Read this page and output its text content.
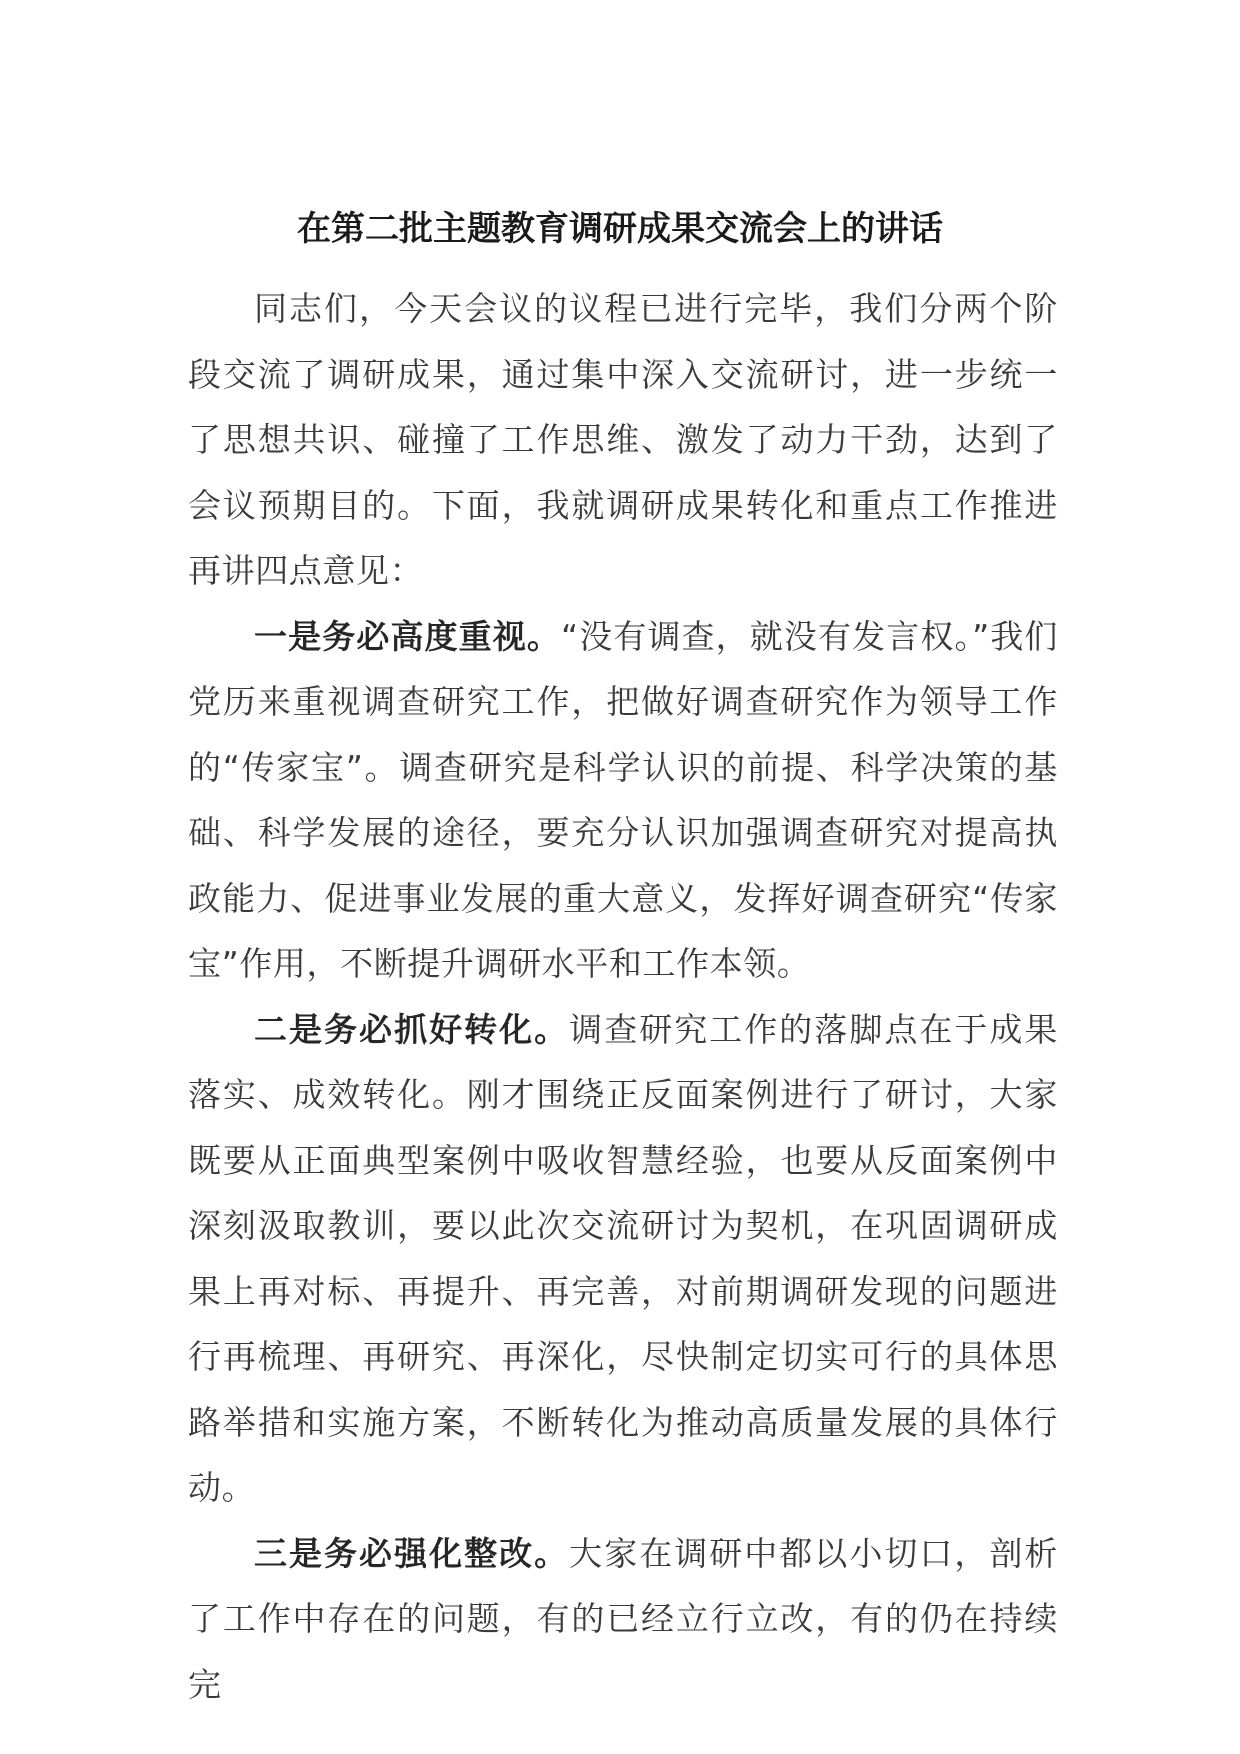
在第二批主题教育调研成果交流会上的讲话

同志们，今天会议的议程已进行完毕，我们分两个阶段交流了调研成果，通过集中深入交流研讨，进一步统一了思想共识、碰撞了工作思维、激发了动力干劲，达到了会议预期目的。下面，我就调研成果转化和重点工作推进再讲四点意见：

一是务必高度重视。“没有调查，就没有发言权。”我们党历来重视调查研究工作，把做好调查研究作为领导工作的“传家宝”。调查研究是科学认识的前提、科学决策的基础、科学发展的途径，要充分认识加强调查研究对提高执政能力、促进事业发展的重大意义，发挥好调查研究“传家宝”作用，不断提升调研水平和工作本领。

二是务必抓好转化。调查研究工作的落脚点在于成果落实、成效转化。刚才围绕正反面案例进行了研讨，大家既要从正面典型案例中吸收智慧经验，也要从反面案例中深刻汲取教训，要以此次交流研讨为契机，在巩固调研成果上再对标、再提升、再完善，对前期调研发现的问题进行再梳理、再研究、再深化，尽快制定切实可行的具体思路举措和实施方案，不断转化为推动高质量发展的具体行动。

三是务必强化整改。大家在调研中都以小切口，剖析了工作中存在的问题，有的已经立行立改，有的仍在持续完
